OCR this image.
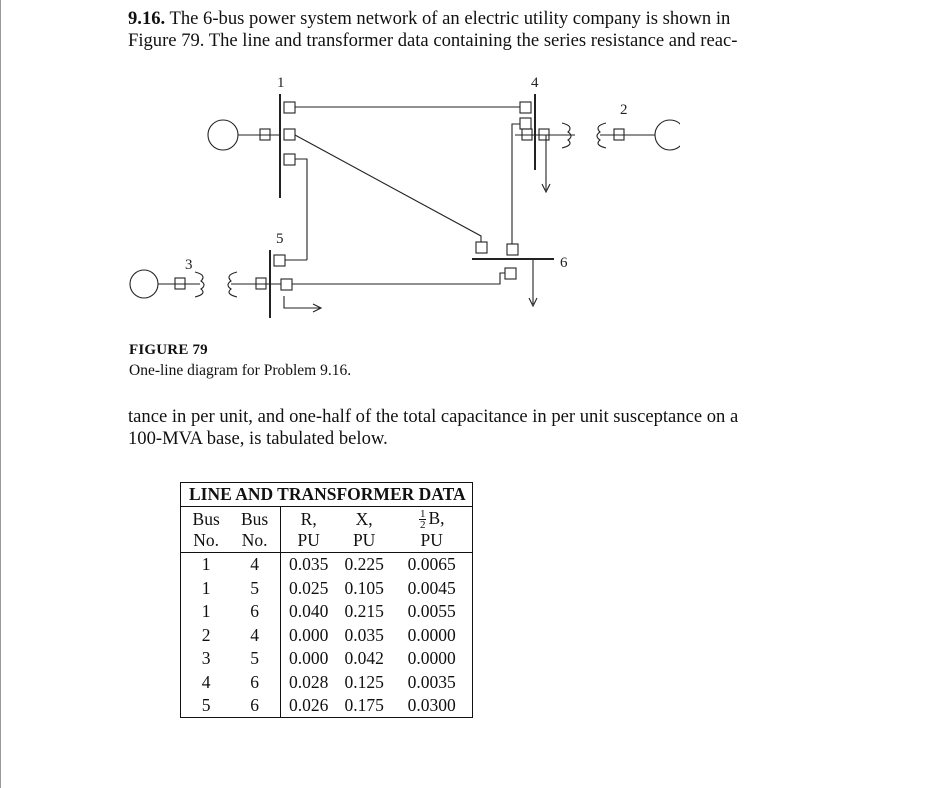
9.16. The 6-bus power system network of an electric utility company is shown in
Figure 79. The line and transformer data containing the series resistance and reac-

1	4
2
6
5
3
FIGURE 79
One-line diagram for Problem 9.16.

tance in per unit, and one-half of the total capacitance in per unit susceptance on a
100-MVA base, is tabulated below.

LINE AND TRANSFORMER DATA				
Bus	Bus	R,	X,	$\frac{1}{2} B$,
No.	No.	PU	PU	PU
1	4	0.035	0.225	0.0065
1	5	0.025	0.105	0.0045
1	6	0.040	0.215	0.0055
2	4	0.000	0.035	0.0000
3	5	0.000	0.042	0.0000
4	6	0.028	0.125	0.0035
5	6	0.026	0.175	0.0300
